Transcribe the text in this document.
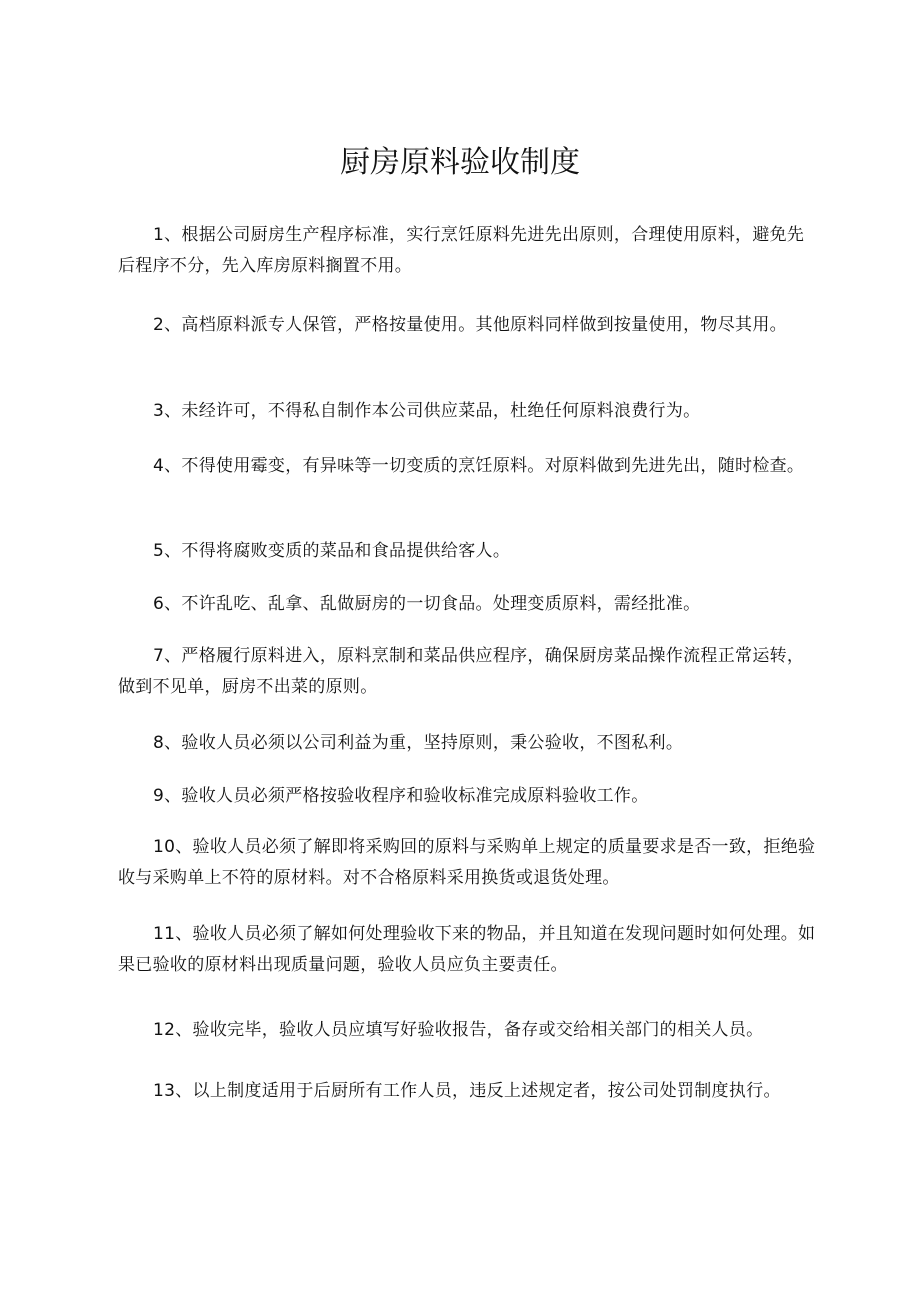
厨房原料验收制度

1、根据公司厨房生产程序标准，实行烹饪原料先进先出原则，合理使用原料，避免先后程序不分，先入库房原料搁置不用。

2、高档原料派专人保管，严格按量使用。其他原料同样做到按量使用，物尽其用。

3、未经许可，不得私自制作本公司供应菜品，杜绝任何原料浪费行为。

4、不得使用霉变，有异味等一切变质的烹饪原料。对原料做到先进先出，随时检查。

5、不得将腐败变质的菜品和食品提供给客人。

6、不许乱吃、乱拿、乱做厨房的一切食品。处理变质原料，需经批准。

7、严格履行原料进入，原料烹制和菜品供应程序，确保厨房菜品操作流程正常运转，做到不见单，厨房不出菜的原则。

8、验收人员必须以公司利益为重，坚持原则，秉公验收，不图私利。

9、验收人员必须严格按验收程序和验收标准完成原料验收工作。

10、验收人员必须了解即将采购回的原料与采购单上规定的质量要求是否一致，拒绝验收与采购单上不符的原材料。对不合格原料采用换货或退货处理。

11、验收人员必须了解如何处理验收下来的物品，并且知道在发现问题时如何处理。如果已验收的原材料出现质量问题，验收人员应负主要责任。

12、验收完毕，验收人员应填写好验收报告，备存或交给相关部门的相关人员。

13、以上制度适用于后厨所有工作人员，违反上述规定者，按公司处罚制度执行。
